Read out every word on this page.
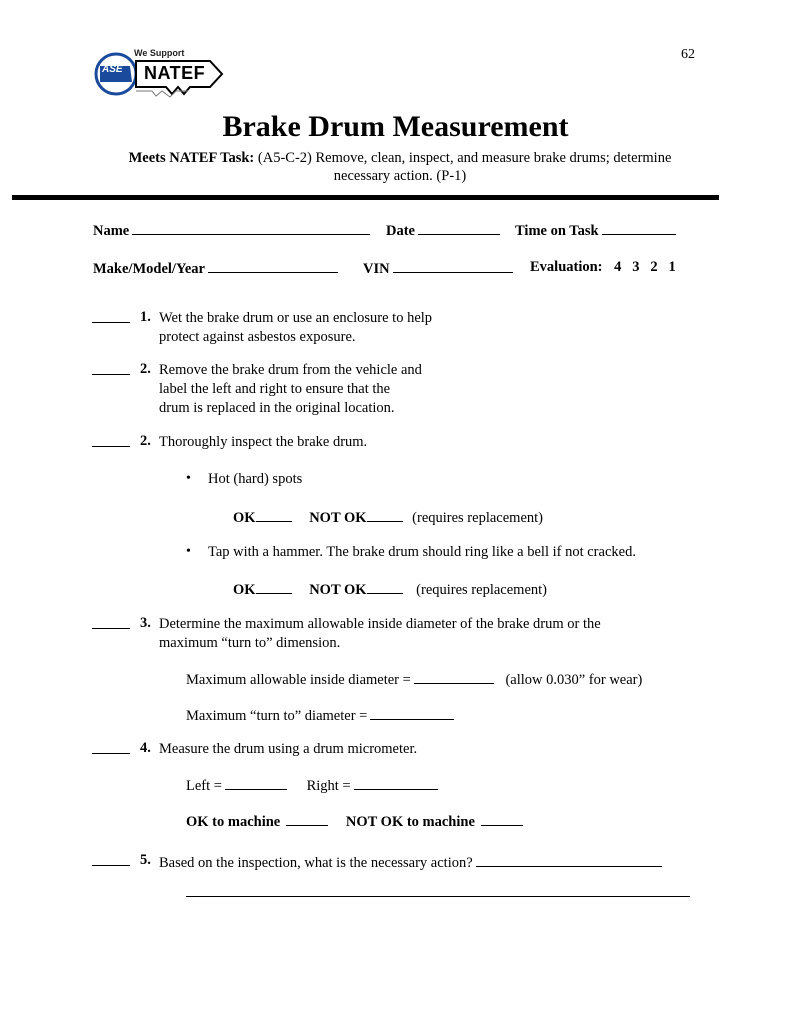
62
We Support
ASE NATEF
Brake Drum Measurement
Meets NATEF Task: (A5-C-2) Remove, clean, inspect, and measure brake drums; determine
necessary action. (P-1)
Name	Date	Time on Task
Make/Model/Year	VIN	Evaluation: 4   3   2   1
1. Wet the brake drum or use an enclosure to help
protect against asbestos exposure.
2. Remove the brake drum from the vehicle and
label the left and right to ensure that the
drum is replaced in the original location.
2. Thoroughly inspect the brake drum.
• Hot (hard) spots
OK	NOT OK	(requires replacement)
• Tap with a hammer. The brake drum should ring like a bell if not cracked.
OK	NOT OK	(requires replacement)
3. Determine the maximum allowable inside diameter of the brake drum or the
maximum “turn to” dimension.
Maximum allowable inside diameter =	(allow 0.030” for wear)
Maximum “turn to” diameter =
4. Measure the drum using a drum micrometer.
Left =	Right =
OK to machine	NOT OK to machine
5. Based on the inspection, what is the necessary action?
